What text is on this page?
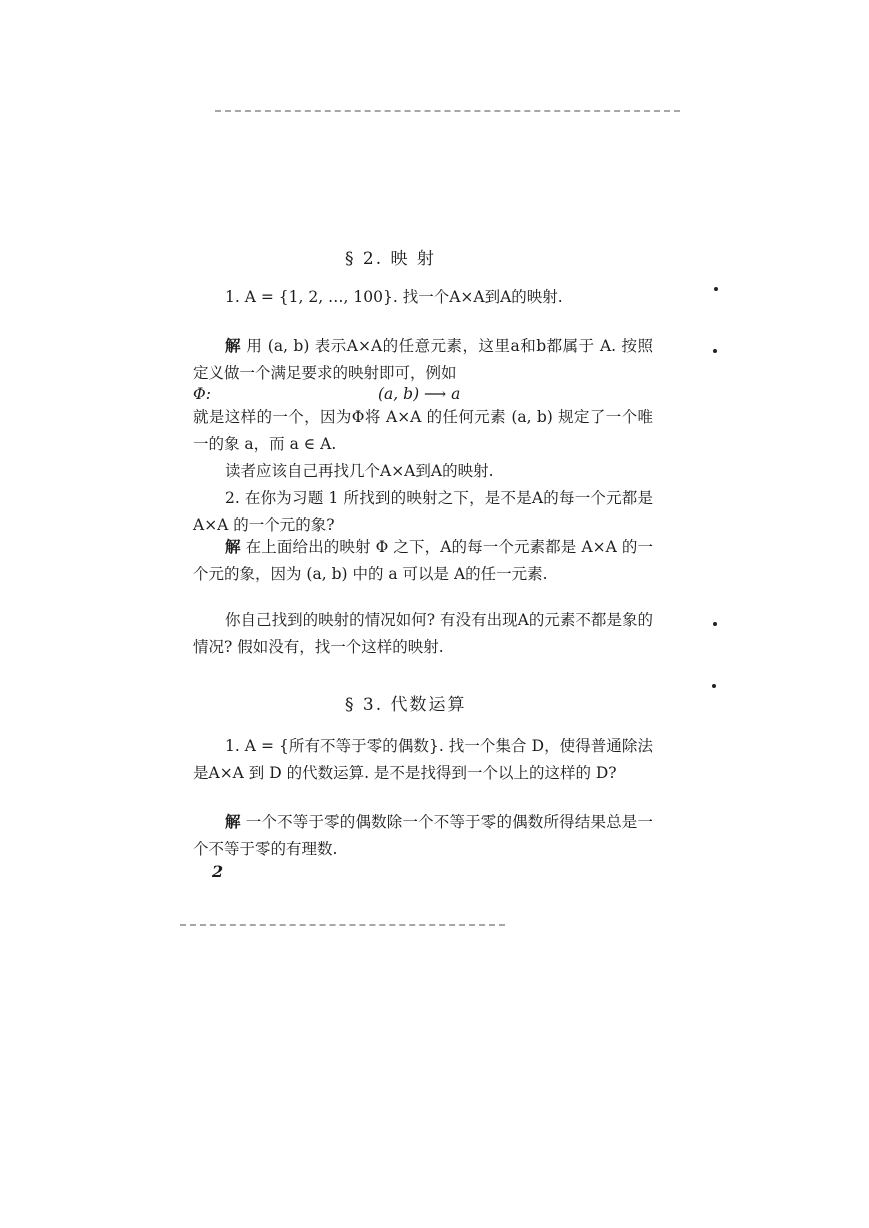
§ 2. 映 射

1. A = {1, 2, …, 100}. 找一个A×A到A的映射.

解 用 (a, b) 表示A×A的任意元素，这里a和b都属于 A. 按照定义做一个满足要求的映射即可，例如

Φ:	(a, b) ⟶ a

就是这样的一个，因为Φ将 A×A 的任何元素 (a, b) 规定了一个唯一的象 a，而 a ∈ A.

读者应该自己再找几个A×A到A的映射.

2. 在你为习题 1 所找到的映射之下，是不是A的每一个元都是 A×A 的一个元的象?

解 在上面给出的映射 Φ 之下，A的每一个元素都是 A×A 的一个元的象，因为 (a, b) 中的 a 可以是 A的任一元素.

你自己找到的映射的情况如何? 有没有出现A的元素不都是象的情况? 假如没有，找一个这样的映射.

§ 3. 代数运算

1. A = {所有不等于零的偶数}. 找一个集合 D，使得普通除法是A×A 到 D 的代数运算. 是不是找得到一个以上的这样的 D?

解 一个不等于零的偶数除一个不等于零的偶数所得结果总是一个不等于零的有理数.

2
